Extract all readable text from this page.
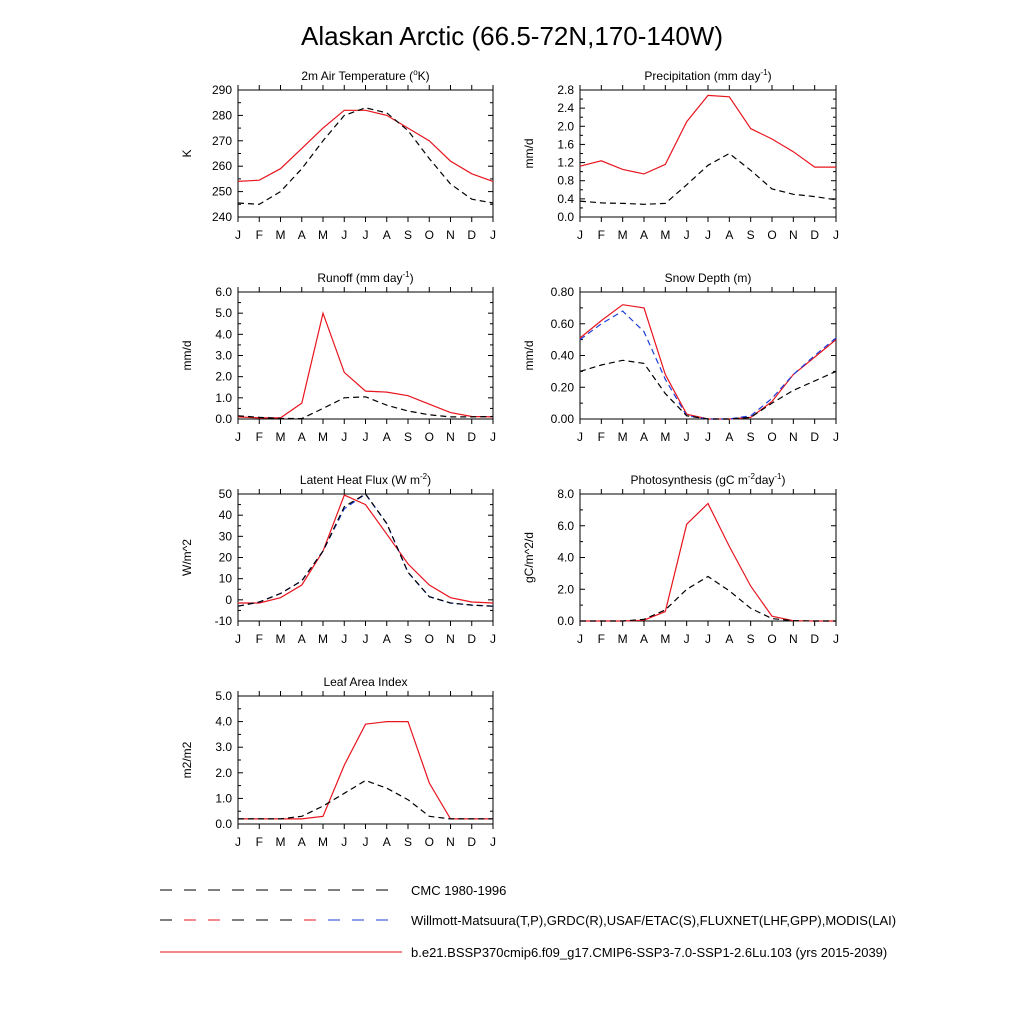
Alaskan Arctic (66.5-72N,170-140W)
2m Air Temperature ($^o$K)
K
240
250
260
270
280
290
J F M A M J J A S O N D J
Precipitation (mm day$^{-1}$)
mm/d
0.0
0.4
0.8
1.2
1.6
2.0
2.4
2.8
J F M A M J J A S O N D J
Runoff (mm day$^{-1}$)
mm/d
0.0
1.0
2.0
3.0
4.0
5.0
6.0
J F M A M J J A S O N D J
Snow Depth (m)
mm/d
0.00
0.20
0.40
0.60
0.80
J F M A M J J A S O N D J
Latent Heat Flux (W $m^{-2}$)
W/m^2
-10
0
10
20
30
40
50
J F M A M J J A S O N D J
Photosynthesis (gC $m^{-2}day^{-1}$)
gC/m^2/d
0.0
2.0
4.0
6.0
8.0
J F M A M J J A S O N D J
Leaf Area Index
m2/m2
0.0
1.0
2.0
3.0
4.0
5.0
J F M A M J J A S O N D J
CMC 1980-1996
Willmott-Matsuura(T,P),GRDC(R),USAF/ETAC(S),FLUXNET(LHF,GPP),MODIS(LAI)
b.e21.BSSP370cmip6.f09_g17.CMIP6-SSP3-7.0-SSP1-2.6Lu.103 (yrs 2015-2039)
